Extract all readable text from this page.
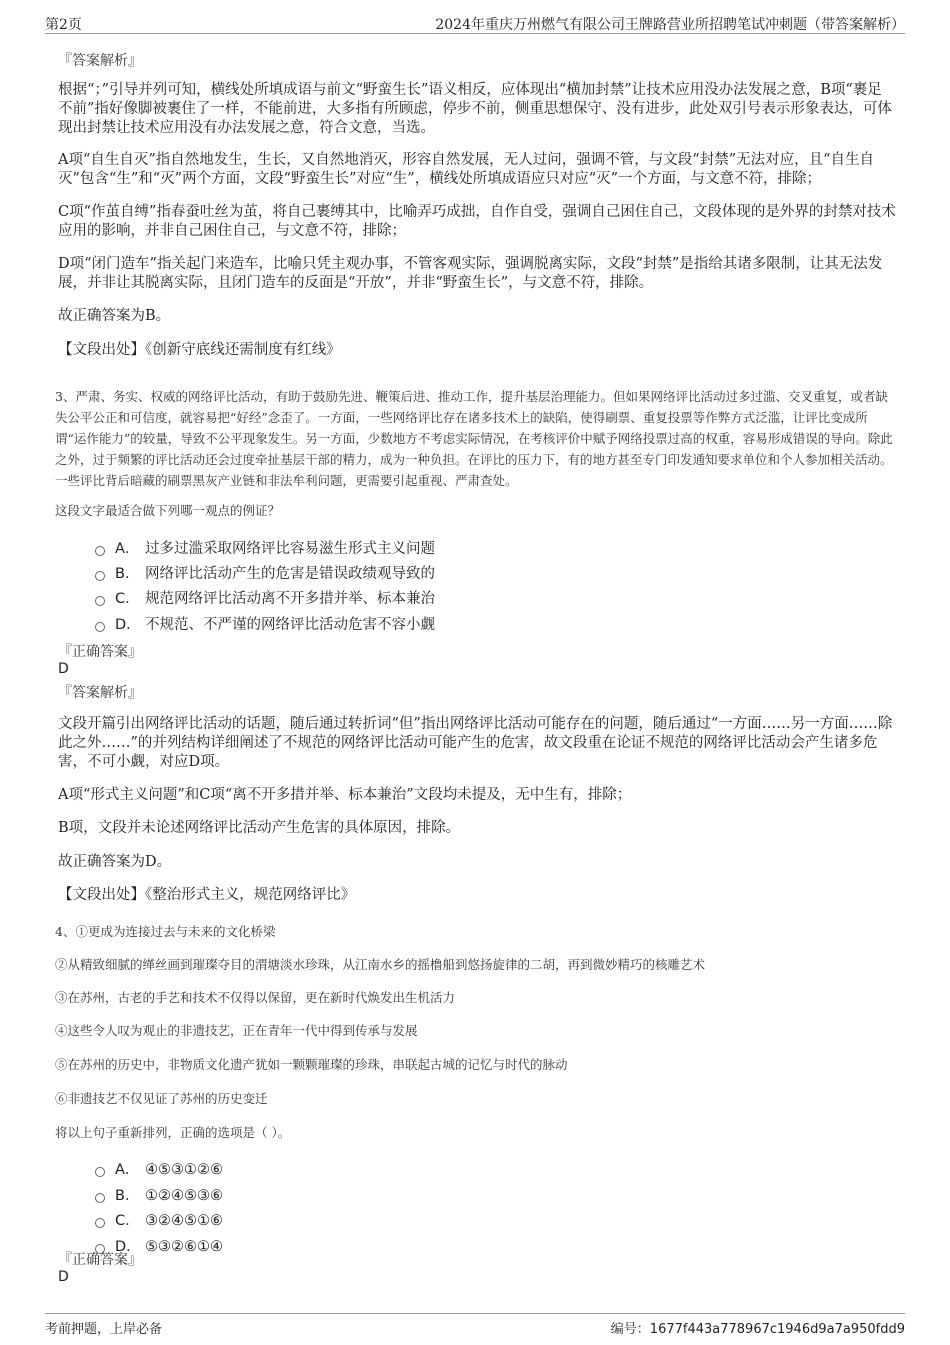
第2页	2024年重庆万州燃气有限公司王牌路营业所招聘笔试冲刺题（带答案解析）
『答案解析』
根据“；”引导并列可知，横线处所填成语与前文“野蛮生长”语义相反，应体现出“横加封禁”让技术应用没办法发展之意，B项“裹足不前”指好像脚被裹住了一样，不能前进，大多指有所顾虑，停步不前，侧重思想保守、没有进步，此处双引号表示形象表达，可体现出封禁让技术应用没有办法发展之意，符合文意，当选。
A项“自生自灭”指自然地发生，生长，又自然地消灭，形容自然发展，无人过问，强调不管，与文段“封禁”无法对应，且“自生自灭”包含“生”和“灭”两个方面，文段“野蛮生长”对应“生”，横线处所填成语应只对应“灭”一个方面，与文意不符，排除；
C项“作茧自缚”指春蚕吐丝为茧，将自己裹缚其中，比喻弄巧成拙，自作自受，强调自己困住自己，文段体现的是外界的封禁对技术应用的影响，并非自己困住自己，与文意不符，排除；
D项“闭门造车”指关起门来造车，比喻只凭主观办事，不管客观实际，强调脱离实际，文段“封禁”是指给其诸多限制，让其无法发展，并非让其脱离实际，且闭门造车的反面是“开放”，并非“野蛮生长”，与文意不符，排除。
故正确答案为B。
【文段出处】《创新守底线还需制度有红线》
3、严肃、务实、权威的网络评比活动，有助于鼓励先进、鞭策后进、推动工作，提升基层治理能力。但如果网络评比活动过多过滥、交叉重复，或者缺失公平公正和可信度，就容易把“好经”念歪了。一方面，一些网络评比存在诸多技术上的缺陷，使得刷票、重复投票等作弊方式泛滥，让评比变成所谓“运作能力”的较量，导致不公平现象发生。另一方面，少数地方不考虑实际情况，在考核评价中赋予网络投票过高的权重，容易形成错误的导向。除此之外，过于频繁的评比活动还会过度牵扯基层干部的精力，成为一种负担。在评比的压力下，有的地方甚至专门印发通知要求单位和个人参加相关活动。一些评比背后暗藏的刷票黑灰产业链和非法牟利问题，更需要引起重视、严肃查处。
这段文字最适合做下列哪一观点的例证？
A． 过多过滥采取网络评比容易滋生形式主义问题
B． 网络评比活动产生的危害是错误政绩观导致的
C． 规范网络评比活动离不开多措并举、标本兼治
D． 不规范、不严谨的网络评比活动危害不容小觑
『正确答案』
D
『答案解析』
文段开篇引出网络评比活动的话题，随后通过转折词“但”指出网络评比活动可能存在的问题，随后通过“一方面……另一方面……除此之外……”的并列结构详细阐述了不规范的网络评比活动可能产生的危害，故文段重在论证不规范的网络评比活动会产生诸多危害，不可小觑，对应D项。
A项“形式主义问题”和C项“离不开多措并举、标本兼治”文段均未提及，无中生有，排除；
B项，文段并未论述网络评比活动产生危害的具体原因，排除。
故正确答案为D。
【文段出处】《整治形式主义，规范网络评比》
4、①更成为连接过去与未来的文化桥梁
②从精致细腻的缂丝画到璀璨夺目的渭塘淡水珍珠，从江南水乡的摇橹船到悠扬旋律的二胡，再到微妙精巧的核雕艺术
③在苏州，古老的手艺和技术不仅得以保留，更在新时代焕发出生机活力
④这些令人叹为观止的非遗技艺，正在青年一代中得到传承与发展
⑤在苏州的历史中，非物质文化遗产犹如一颗颗璀璨的珍珠，串联起古城的记忆与时代的脉动
⑥非遗技艺不仅见证了苏州的历史变迁
将以上句子重新排列，正确的选项是（ ）。
A． ④⑤③①②⑥
B． ①②④⑤③⑥
C． ③②④⑤①⑥
D． ⑤③②⑥①④
『正确答案』
D
考前押题，上岸必备	编号：1677f443a778967c1946d9a7a950fdd9
